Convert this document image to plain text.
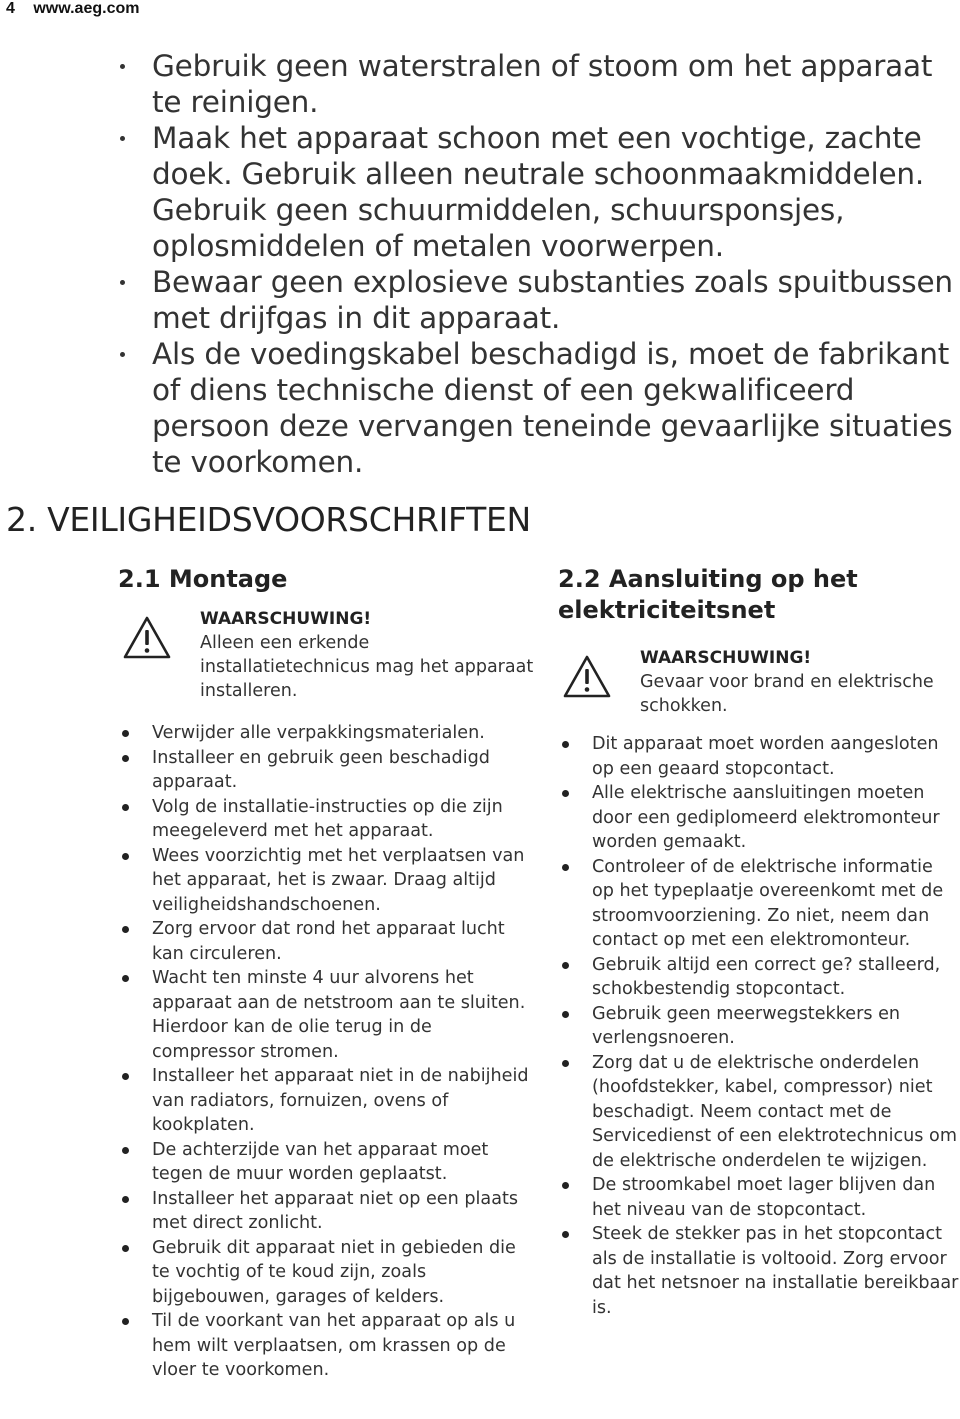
4 www.aeg.com
Gebruik geen waterstralen of stoom om het apparaat te reinigen.
Maak het apparaat schoon met een vochtige, zachte doek. Gebruik alleen neutrale schoonmaakmiddelen. Gebruik geen schuurmiddelen, schuursponsjes, oplosmiddelen of metalen voorwerpen.
Bewaar geen explosieve substanties zoals spuitbussen met drijfgas in dit apparaat.
Als de voedingskabel beschadigd is, moet de fabrikant of diens technische dienst of een gekwalificeerd persoon deze vervangen teneinde gevaarlijke situaties te voorkomen.
2. VEILIGHEIDSVOORSCHRIFTEN
2.1 Montage
WAARSCHUWING!
Alleen een erkende installatietechnicus mag het apparaat installeren.
Verwijder alle verpakkingsmaterialen.
Installeer en gebruik geen beschadigd apparaat.
Volg de installatie-instructies op die zijn meegeleverd met het apparaat.
Wees voorzichtig met het verplaatsen van het apparaat, het is zwaar. Draag altijd veiligheidshandschoenen.
Zorg ervoor dat rond het apparaat lucht kan circuleren.
Wacht ten minste 4 uur alvorens het apparaat aan de netstroom aan te sluiten. Hierdoor kan de olie terug in de compressor stromen.
Installeer het apparaat niet in de nabijheid van radiators, fornuizen, ovens of kookplaten.
De achterzijde van het apparaat moet tegen de muur worden geplaatst.
Installeer het apparaat niet op een plaats met direct zonlicht.
Gebruik dit apparaat niet in gebieden die te vochtig of te koud zijn, zoals bijgebouwen, garages of kelders.
Til de voorkant van het apparaat op als u hem wilt verplaatsen, om krassen op de vloer te voorkomen.
2.2 Aansluiting op het elektriciteitsnet
WAARSCHUWING!
Gevaar voor brand en elektrische schokken.
Dit apparaat moet worden aangesloten op een geaard stopcontact.
Alle elektrische aansluitingen moeten door een gediplomeerd elektromonteur worden gemaakt.
Controleer of de elektrische informatie op het typeplaatje overeenkomt met de stroomvoorziening. Zo niet, neem dan contact op met een elektromonteur.
Gebruik altijd een correct ge? stalleerd, schokbestendig stopcontact.
Gebruik geen meerwegstekkers en verlengsnoeren.
Zorg dat u de elektrische onderdelen (hoofdstekker, kabel, compressor) niet beschadigt. Neem contact met de Servicedienst of een elektrotechnicus om de elektrische onderdelen te wijzigen.
De stroomkabel moet lager blijven dan het niveau van de stopcontact.
Steek de stekker pas in het stopcontact als de installatie is voltooid. Zorg ervoor dat het netsnoer na installatie bereikbaar is.
